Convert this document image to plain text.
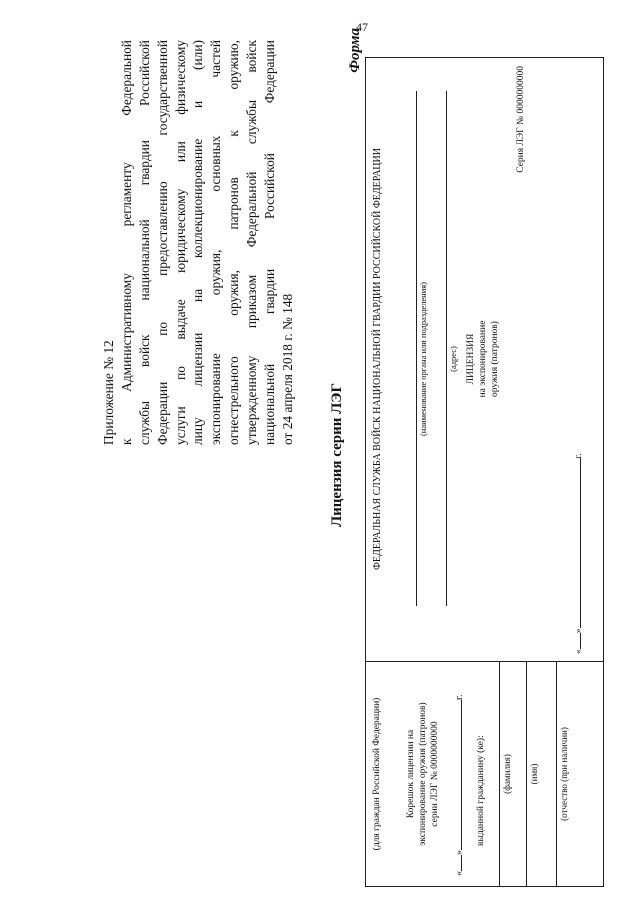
47
Приложение № 12 к
Административному
регламенту
Федеральной
службы
войск
национальной
гвардии
Российской
Федерации
по
предоставлению
государственной
услуги
по
выдаче
юридическому
или
физическому
лицу
лицензии
на
коллекционирование
и
(или)
экспонирование
оружия,
основных
частей
огнестрельного
оружия,
патронов
к
оружию,
утвержденному
приказом
Федеральной
службы
войск
национальной
гвардии
Российской
Федерации
от 24 апреля 2018 г. № 148
Форма
Лицензия серии ЛЭГ
(для граждан Российской Федерации)	Корешок лицензии на экспонирование оружия (патронов) серии ЛЭГ № 0000000000
«»г.
выданной гражданину (ке): (фамилия) (имя) (отчество (при наличии)
ФЕДЕРАЛЬНАЯ СЛУЖБА ВОЙСК НАЦИОНАЛЬНОЙ ГВАРДИИ РОССИЙСКОЙ ФЕДЕРАЦИИ	(наименование органа или подразделения) (адрес) ЛИЦЕНЗИЯ на экспонирование оружия (патронов)
Серия ЛЭГ № 0000000000
«»г.
